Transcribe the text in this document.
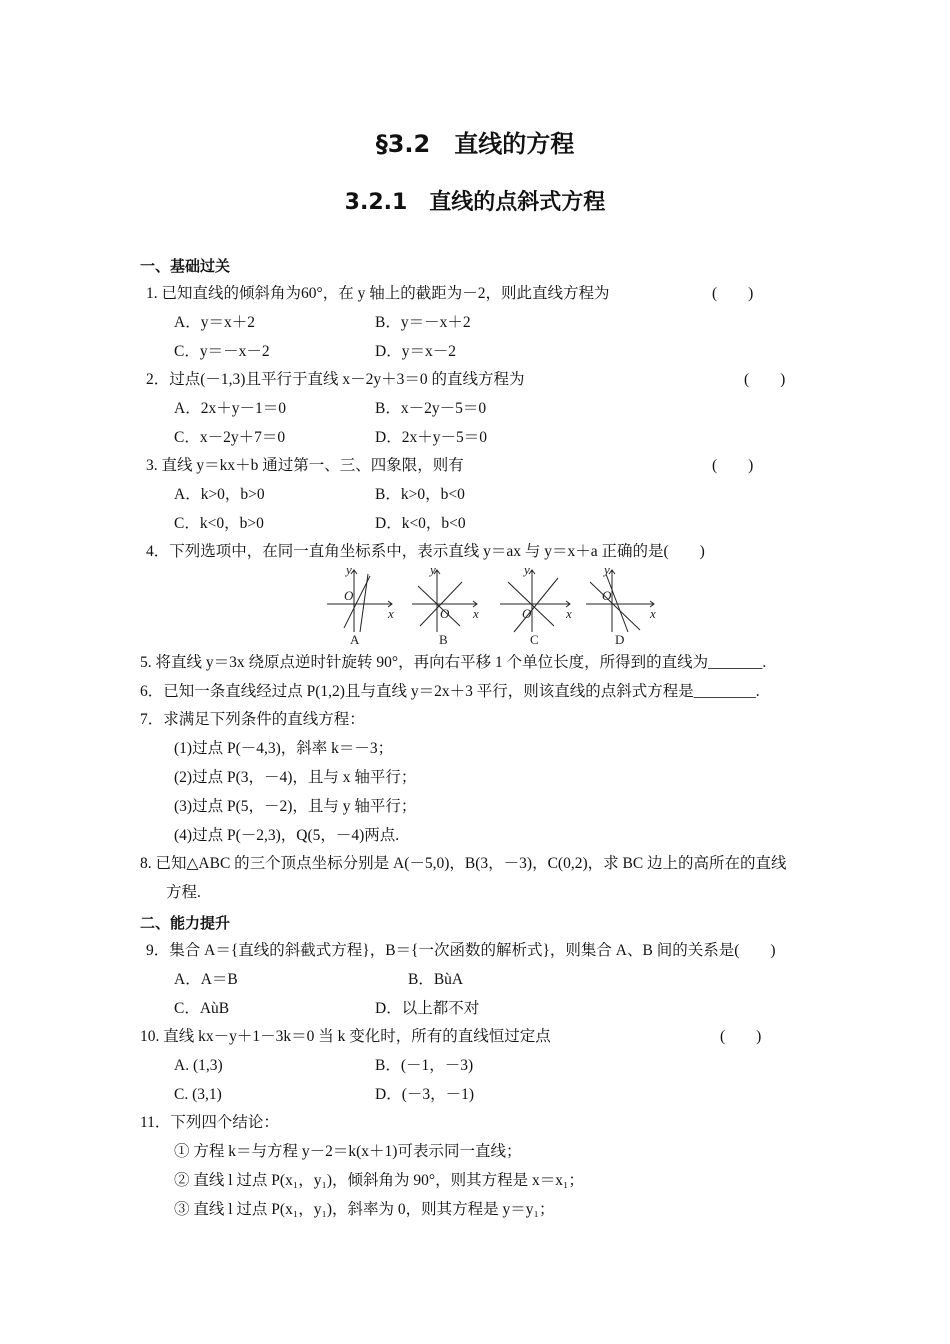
§3.2　直线的方程
3.2.1　直线的点斜式方程
一、基础过关
1. 已知直线的倾斜角为60°，在 y 轴上的截距为－2，则此直线方程为	(　　)
A．y＝x＋2	B．y＝－x＋2
C．y＝－x－2	D．y＝x－2
2．过点(－1,3)且平行于直线 x－2y＋3＝0 的直线方程为	(　　)
A．2x＋y－1＝0	B．x－2y－5＝0
C．x－2y＋7＝0	D．2x＋y－5＝0
3. 直线 y＝kx＋b 通过第一、三、四象限，则有	(　　)
A．k>0，b>0	B．k>0，b<0
C．k<0，b>0	D．k<0，b<0
4．下列选项中，在同一直角坐标系中，表示直线 y＝ax 与 y＝x＋a 正确的是(　　)
y
x
O
A
y
x
O
B
y
x
O
C
y
x
O
D
5. 将直线 y＝3x 绕原点逆时针旋转 90°，再向右平移 1 个单位长度，所得到的直线为_______.
6．已知一条直线经过点 P(1,2)且与直线 y＝2x＋3 平行，则该直线的点斜式方程是________.
7．求满足下列条件的直线方程：
(1)过点 P(－4,3)，斜率 k＝－3；
(2)过点 P(3，－4)，且与 x 轴平行；
(3)过点 P(5，－2)，且与 y 轴平行；
(4)过点 P(－2,3)，Q(5，－4)两点.
8. 已知△ABC 的三个顶点坐标分别是 A(－5,0)，B(3，－3)，C(0,2)，求 BC 边上的高所在的直线
方程.
二、能力提升
9．集合 A＝{直线的斜截式方程}，B＝{一次函数的解析式}，则集合 A、B 间的关系是(　　)
A．A＝B	B．BùA
C．AùB	D．以上都不对
10. 直线 kx－y＋1－3k＝0 当 k 变化时，所有的直线恒过定点	(　　)
A. (1,3)	B．(－1，－3)
C. (3,1)	D．(－3，－1)
11．下列四个结论：
① 方程 k＝与方程 y－2＝k(x＋1)可表示同一直线；
② 直线 l 过点 P(x₁，y₁)，倾斜角为 90°，则其方程是 x＝x₁；
③ 直线 l 过点 P(x₁，y₁)，斜率为 0，则其方程是 y＝y₁；
